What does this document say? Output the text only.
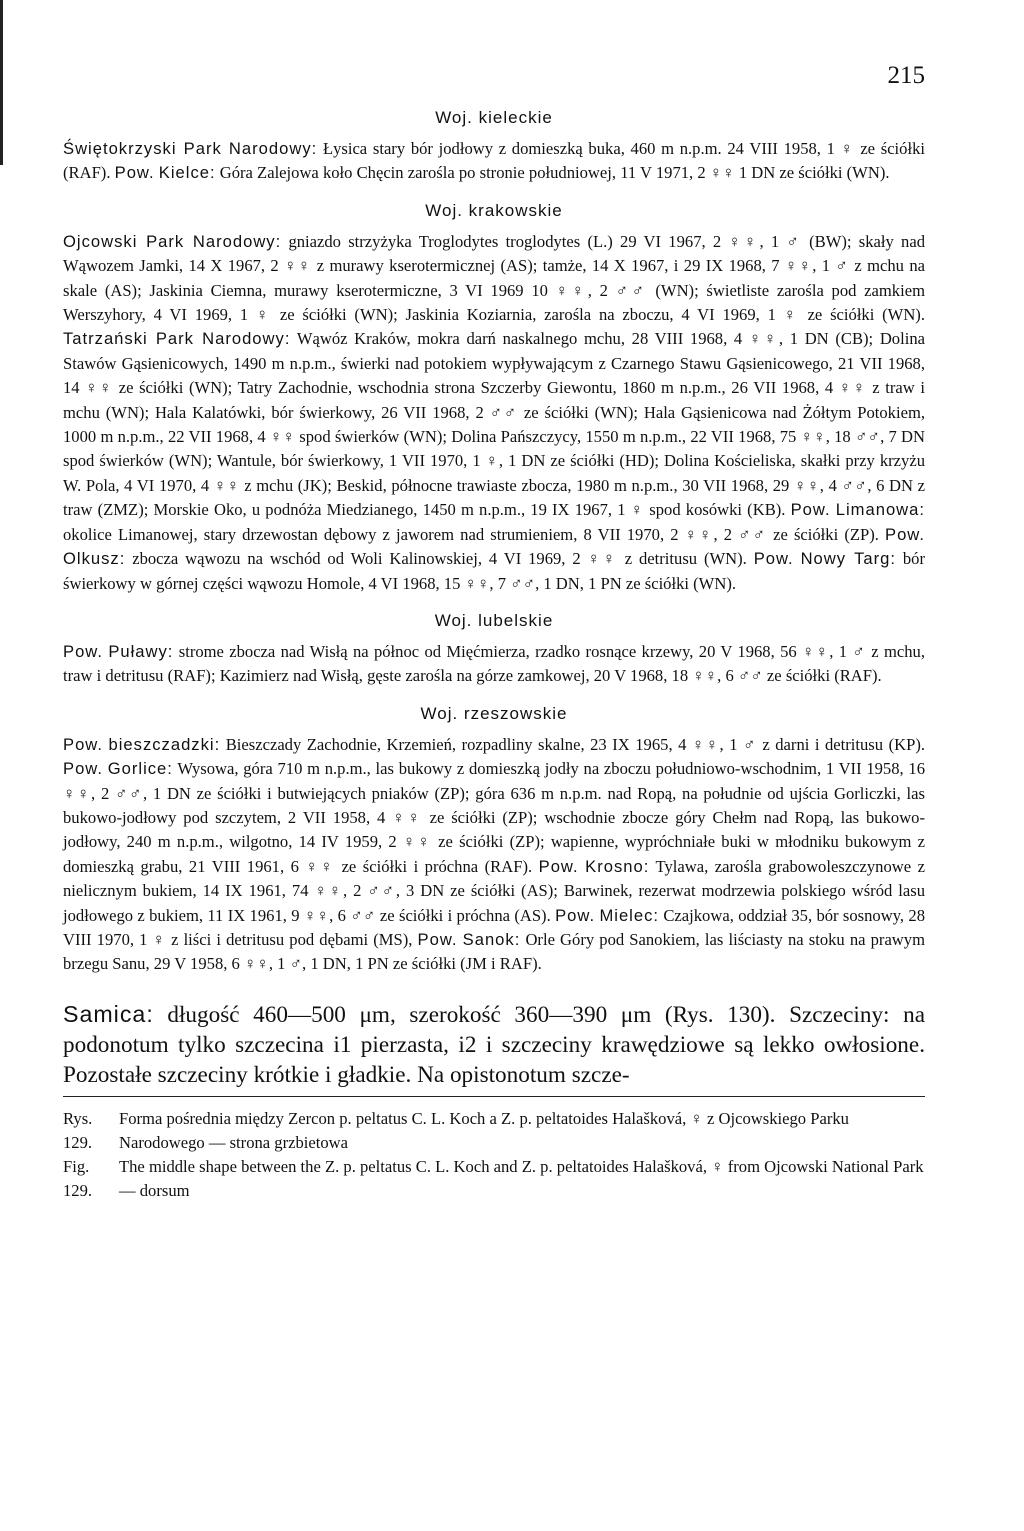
215
Woj. kieleckie

Świętokrzyski Park Narodowy: Łysica stary bór jodłowy z domieszką buka, 460 m n.p.m. 24 VIII 1958, 1 ♀ ze ściółki (RAF). Pow. Kielce: Góra Zalejowa koło Chęcin zarośla po stronie południowej, 11 V 1971, 2 ♀♀ 1 DN ze ściółki (WN).

Woj. krakowskie

Ojcowski Park Narodowy: gniazdo strzyżyka Troglodytes troglodytes (L.) 29 VI 1967, 2 ♀♀, 1 ♂ (BW); skały nad Wąwozem Jamki, 14 X 1967, 2 ♀♀ z murawy kserotermicznej (AS); tamże, 14 X 1967, i 29 IX 1968, 7 ♀♀, 1 ♂ z mchu na skale (AS); Jaskinia Ciemna, murawy kserotermiczne, 3 VI 1969 10 ♀♀, 2 ♂♂ (WN); świetliste zarośla pod zamkiem Werszyhory, 4 VI 1969, 1 ♀ ze ściółki (WN); Jaskinia Koziarnia, zarośla na zboczu, 4 VI 1969, 1 ♀ ze ściółki (WN). Tatrzański Park Narodowy: Wąwóz Kraków, mokra darń naskalnego mchu, 28 VIII 1968, 4 ♀♀, 1 DN (CB); Dolina Stawów Gąsienicowych, 1490 m n.p.m., świerki nad potokiem wypływającym z Czarnego Stawu Gąsienicowego, 21 VII 1968, 14 ♀♀ ze ściółki (WN); Tatry Zachodnie, wschodnia strona Szczerby Giewontu, 1860 m n.p.m., 26 VII 1968, 4 ♀♀ z traw i mchu (WN); Hala Kalatówki, bór świerkowy, 26 VII 1968, 2 ♂♂ ze ściółki (WN); Hala Gąsienicowa nad Żółtym Potokiem, 1000 m n.p.m., 22 VII 1968, 4 ♀♀ spod świerków (WN); Dolina Pańszczycy, 1550 m n.p.m., 22 VII 1968, 75 ♀♀, 18 ♂♂, 7 DN spod świerków (WN); Wantule, bór świerkowy, 1 VII 1970, 1 ♀, 1 DN ze ściółki (HD); Dolina Kościeliska, skałki przy krzyżu W. Pola, 4 VI 1970, 4 ♀♀ z mchu (JK); Beskid, północne trawiaste zbocza, 1980 m n.p.m., 30 VII 1968, 29 ♀♀, 4 ♂♂, 6 DN z traw (ZMZ); Morskie Oko, u podnóża Miedzianego, 1450 m n.p.m., 19 IX 1967, 1 ♀ spod kosówki (KB). Pow. Limanowa: okolice Limanowej, stary drzewostan dębowy z jaworem nad strumieniem, 8 VII 1970, 2 ♀♀, 2 ♂♂ ze ściółki (ZP). Pow. Olkusz: zbocza wąwozu na wschód od Woli Kalinowskiej, 4 VI 1969, 2 ♀♀ z detritusu (WN). Pow. Nowy Targ: bór świerkowy w górnej części wąwozu Homole, 4 VI 1968, 15 ♀♀, 7 ♂♂, 1 DN, 1 PN ze ściółki (WN).

Woj. lubelskie

Pow. Puławy: strome zbocza nad Wisłą na północ od Mięćmierza, rzadko rosnące krzewy, 20 V 1968, 56 ♀♀, 1 ♂ z mchu, traw i detritusu (RAF); Kazimierz nad Wisłą, gęste zarośla na górze zamkowej, 20 V 1968, 18 ♀♀, 6 ♂♂ ze ściółki (RAF).

Woj. rzeszowskie

Pow. bieszczadzki: Bieszczady Zachodnie, Krzemień, rozpadliny skalne, 23 IX 1965, 4 ♀♀, 1 ♂ z darni i detritusu (KP). Pow. Gorlice: Wysowa, góra 710 m n.p.m., las bukowy z domieszką jodły na zboczu południowo-wschodnim, 1 VII 1958, 16 ♀♀, 2 ♂♂, 1 DN ze ściółki i butwiejących pniaków (ZP); góra 636 m n.p.m. nad Ropą, na południe od ujścia Gorliczki, las bukowo-jodłowy pod szczytem, 2 VII 1958, 4 ♀♀ ze ściółki (ZP); wschodnie zbocze góry Chełm nad Ropą, las bukowo-jodłowy, 240 m n.p.m., wilgotno, 14 IV 1959, 2 ♀♀ ze ściółki (ZP); wapienne, wypróchniałe buki w młodniku bukowym z domieszką grabu, 21 VIII 1961, 6 ♀♀ ze ściółki i próchna (RAF). Pow. Krosno: Tylawa, zarośla grabowoleszczynowe z nielicznym bukiem, 14 IX 1961, 74 ♀♀, 2 ♂♂, 3 DN ze ściółki (AS); Barwinek, rezerwat modrzewia polskiego wśród lasu jodłowego z bukiem, 11 IX 1961, 9 ♀♀, 6 ♂♂ ze ściółki i próchna (AS). Pow. Mielec: Czajkowa, oddział 35, bór sosnowy, 28 VIII 1970, 1 ♀ z liści i detritusu pod dębami (MS), Pow. Sanok: Orle Góry pod Sanokiem, las liściasty na stoku na prawym brzegu Sanu, 29 V 1958, 6 ♀♀, 1 ♂, 1 DN, 1 PN ze ściółki (JM i RAF).

Samica: długość 460—500 μm, szerokość 360—390 μm (Rys. 130). Szczeciny: na podonotum tylko szczecina i1 pierzasta, i2 i szczeciny krawędziowe są lekko owłosione. Pozostałe szczeciny krótkie i gładkie. Na opistonotum szcze-

Rys. 129.
Forma pośrednia między Zercon p. peltatus C. L. Koch a Z. p. peltatoides Halašková, ♀ z Ojcowskiego Parku Narodowego — strona grzbietowa
Fig. 129.
The middle shape between the Z. p. peltatus C. L. Koch and Z. p. peltatoides Halašková, ♀ from Ojcowski National Park — dorsum
